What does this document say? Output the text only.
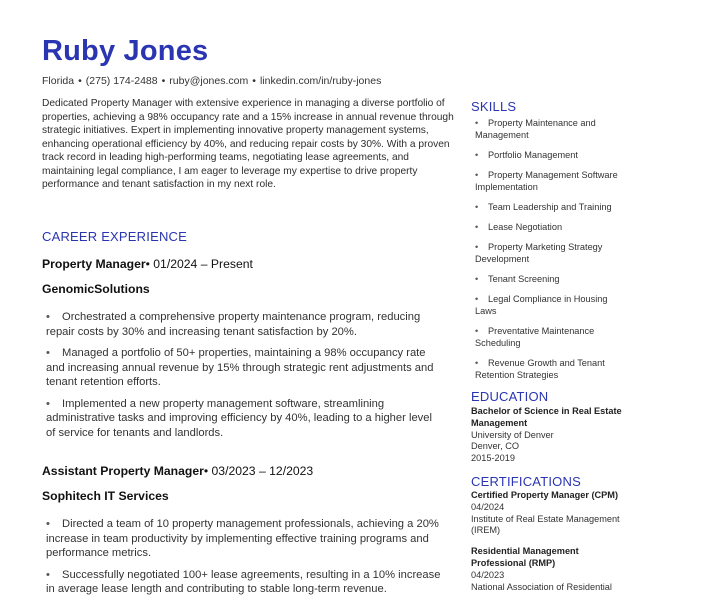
Ruby Jones
Florida • (275) 174-2488 • ruby@jones.com • linkedin.com/in/ruby-jones
Dedicated Property Manager with extensive experience in managing a diverse portfolio of properties, achieving a 98% occupancy rate and a 15% increase in annual revenue through strategic initiatives. Expert in implementing innovative property management systems, enhancing operational efficiency by 40%, and reducing repair costs by 30%. With a proven track record in leading high-performing teams, negotiating lease agreements, and maintaining legal compliance, I am eager to leverage my expertise to drive property performance and tenant satisfaction in my next role.
CAREER EXPERIENCE
Property Manager• 01/2024 – Present
GenomicSolutions
• Orchestrated a comprehensive property maintenance program, reducing repair costs by 30% and increasing tenant satisfaction by 20%.
• Managed a portfolio of 50+ properties, maintaining a 98% occupancy rate and increasing annual revenue by 15% through strategic rent adjustments and tenant retention efforts.
• Implemented a new property management software, streamlining administrative tasks and improving efficiency by 40%, leading to a higher level of service for tenants and landlords.
Assistant Property Manager• 03/2023 – 12/2023
Sophitech IT Services
• Directed a team of 10 property management professionals, achieving a 20% increase in team productivity by implementing effective training programs and performance metrics.
• Successfully negotiated 100+ lease agreements, resulting in a 10% increase in average lease length and contributing to stable long-term revenue.
SKILLS
• Property Maintenance and Management
• Portfolio Management
• Property Management Software Implementation
• Team Leadership and Training
• Lease Negotiation
• Property Marketing Strategy Development
• Tenant Screening
• Legal Compliance in Housing Laws
• Preventative Maintenance Scheduling
• Revenue Growth and Tenant Retention Strategies
EDUCATION
Bachelor of Science in Real Estate Management
University of Denver
Denver, CO
2015-2019
CERTIFICATIONS
Certified Property Manager (CPM)
04/2024
Institute of Real Estate Management (IREM)
Residential Management Professional (RMP)
04/2023
National Association of Residential
